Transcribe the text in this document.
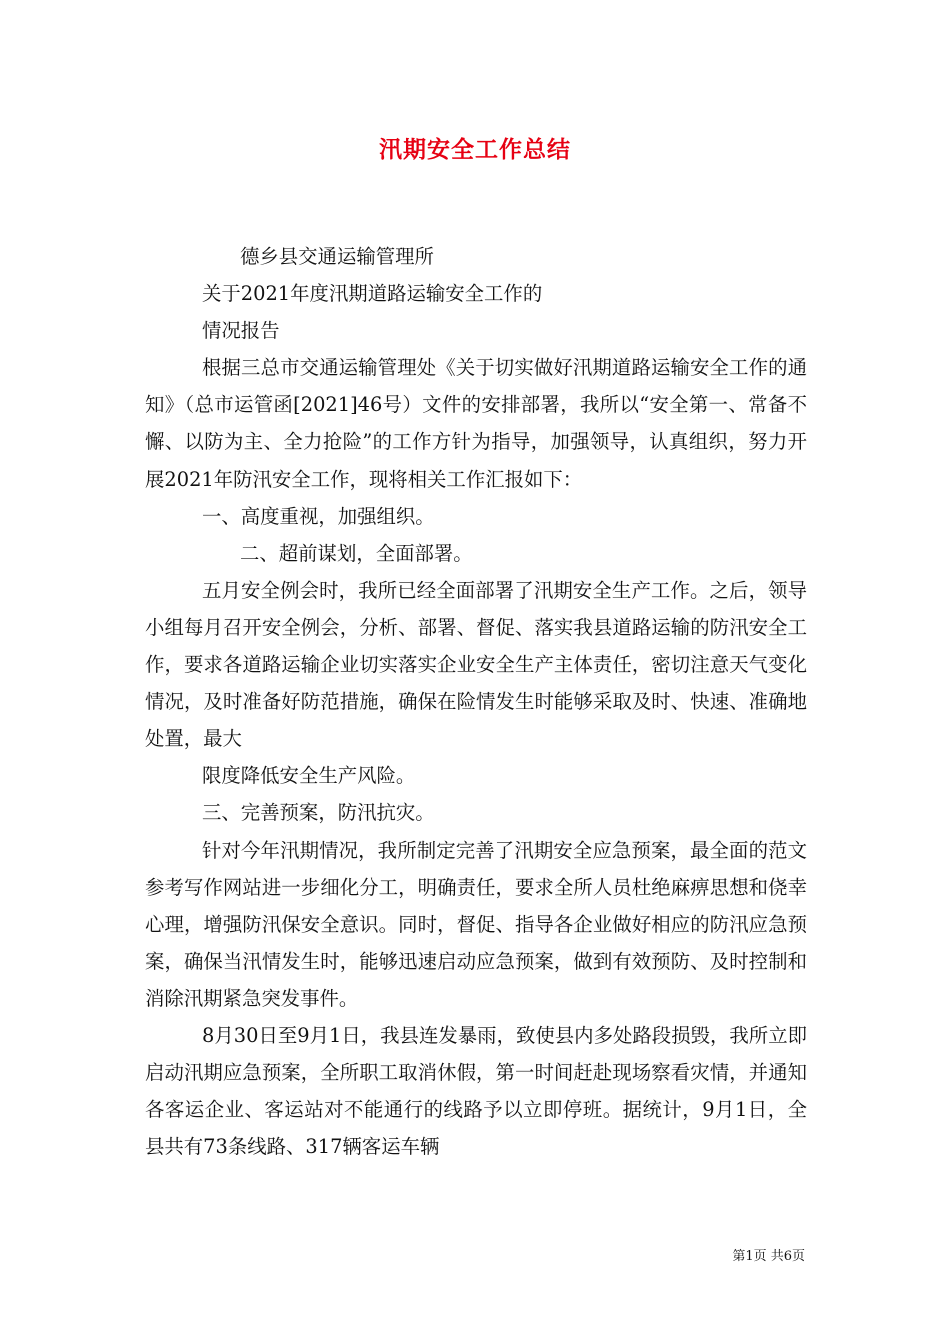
汛期安全工作总结

德乡县交通运输管理所

关于2021年度汛期道路运输安全工作的

情况报告

根据三总市交通运输管理处《关于切实做好汛期道路运输安全工作的通知》（总市运管函[2021]46号）文件的安排部署，我所以“安全第一、常备不懈、以防为主、全力抢险”的工作方针为指导，加强领导，认真组织，努力开展2021年防汛安全工作，现将相关工作汇报如下：

一、高度重视，加强组织。

二、超前谋划，全面部署。

五月安全例会时，我所已经全面部署了汛期安全生产工作。之后，领导小组每月召开安全例会，分析、部署、督促、落实我县道路运输的防汛安全工作，要求各道路运输企业切实落实企业安全生产主体责任，密切注意天气变化情况，及时准备好防范措施，确保在险情发生时能够采取及时、快速、准确地处置，最大

限度降低安全生产风险。

三、完善预案，防汛抗灾。

针对今年汛期情况，我所制定完善了汛期安全应急预案，最全面的范文参考写作网站进一步细化分工，明确责任，要求全所人员杜绝麻痹思想和侥幸心理，增强防汛保安全意识。同时，督促、指导各企业做好相应的防汛应急预案，确保当汛情发生时，能够迅速启动应急预案，做到有效预防、及时控制和消除汛期紧急突发事件。

8月30日至9月1日，我县连发暴雨，致使县内多处路段损毁，我所立即启动汛期应急预案，全所职工取消休假，第一时间赶赴现场察看灾情，并通知各客运企业、客运站对不能通行的线路予以立即停班。据统计，9月1日，全县共有73条线路、317辆客运车辆

第1页 共6页
